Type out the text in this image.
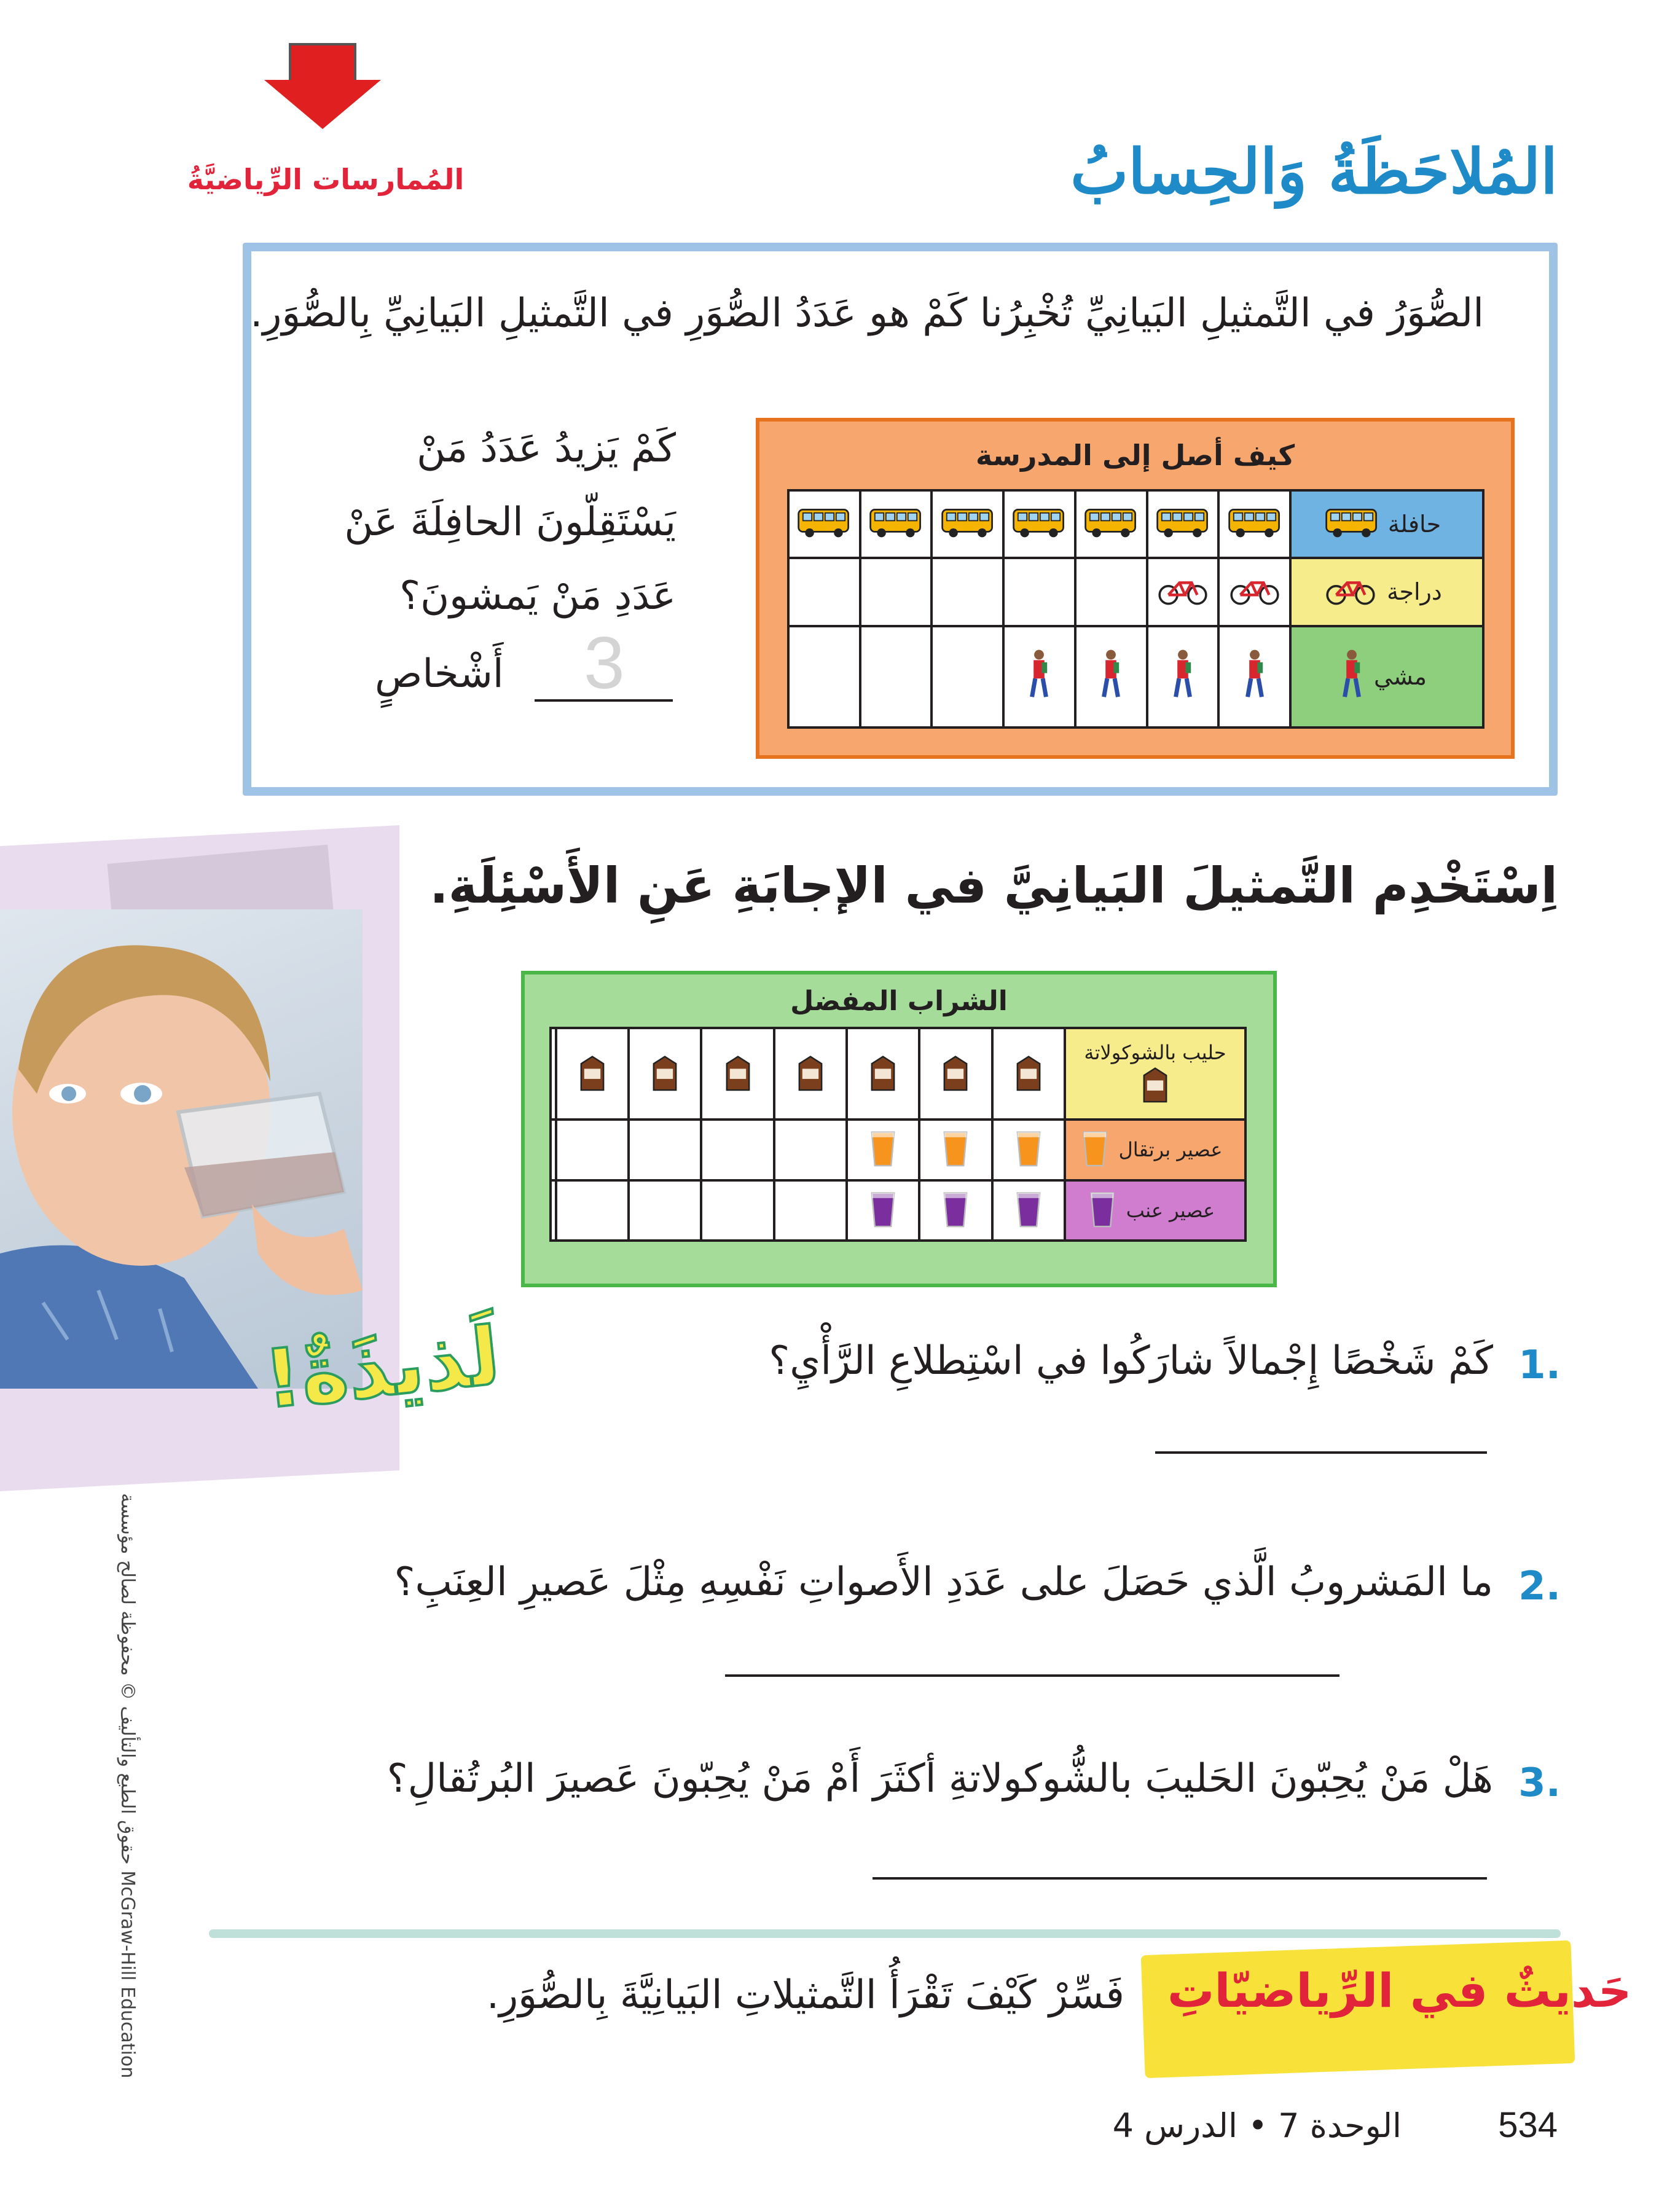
المُمارسات الرِّياضيَّةُ	المُلاحَظَةُ وَالحِسابُ
الصُّوَرُ في التَّمثيلِ البَيانِيِّ تُخْبِرُنا كَمْ هو عَدَدُ الصُّوَرِ في التَّمثيلِ البَيانِيِّ بِالصُّوَرِ.
كَمْ يَزيدُ عَدَدُ مَنْ يَسْتَقِلّونَ الحافِلَةَ عَنْ عَدَدِ مَنْ يَمشونَ؟
3
أَشْخاصٍ
كيف أصل إلى المدرسة
							حافلة
							دراجة
							مشي
اِسْتَخْدِم التَّمثيلَ البَيانِيَّ في الإجابَةِ عَنِ الأَسْئِلَةِ.
لَذيذَةٌ!
الشراب المفضل
								حليب بالشوكولاتة
								عصير برتقال
								عصير عنب
1.
كَمْ شَخْصًا إِجْمالاً شارَكُوا في اسْتِطلاعِ الرَّأْيِ؟
2.
ما المَشروبُ الَّذي حَصَلَ على عَدَدِ الأَصواتِ نَفْسِهِ مِثْلَ عَصيرِ العِنَبِ؟
3.
هَلْ مَنْ يُحِبّونَ الحَليبَ بالشُّوكولاتةِ أكثَرَ أَمْ مَنْ يُحِبّونَ عَصيرَ البُرتُقالِ؟
حَديثٌ في الرِّياضيّاتِ
فَسِّرْ كَيْفَ تَقْرَأُ التَّمثيلاتِ البَيانِيَّةَ بِالصُّوَرِ.
الوحدة 7 • الدرس 4	534
حقوق الطبع والتأليف © محفوظة لصالح مؤسسة McGraw-Hill Education
